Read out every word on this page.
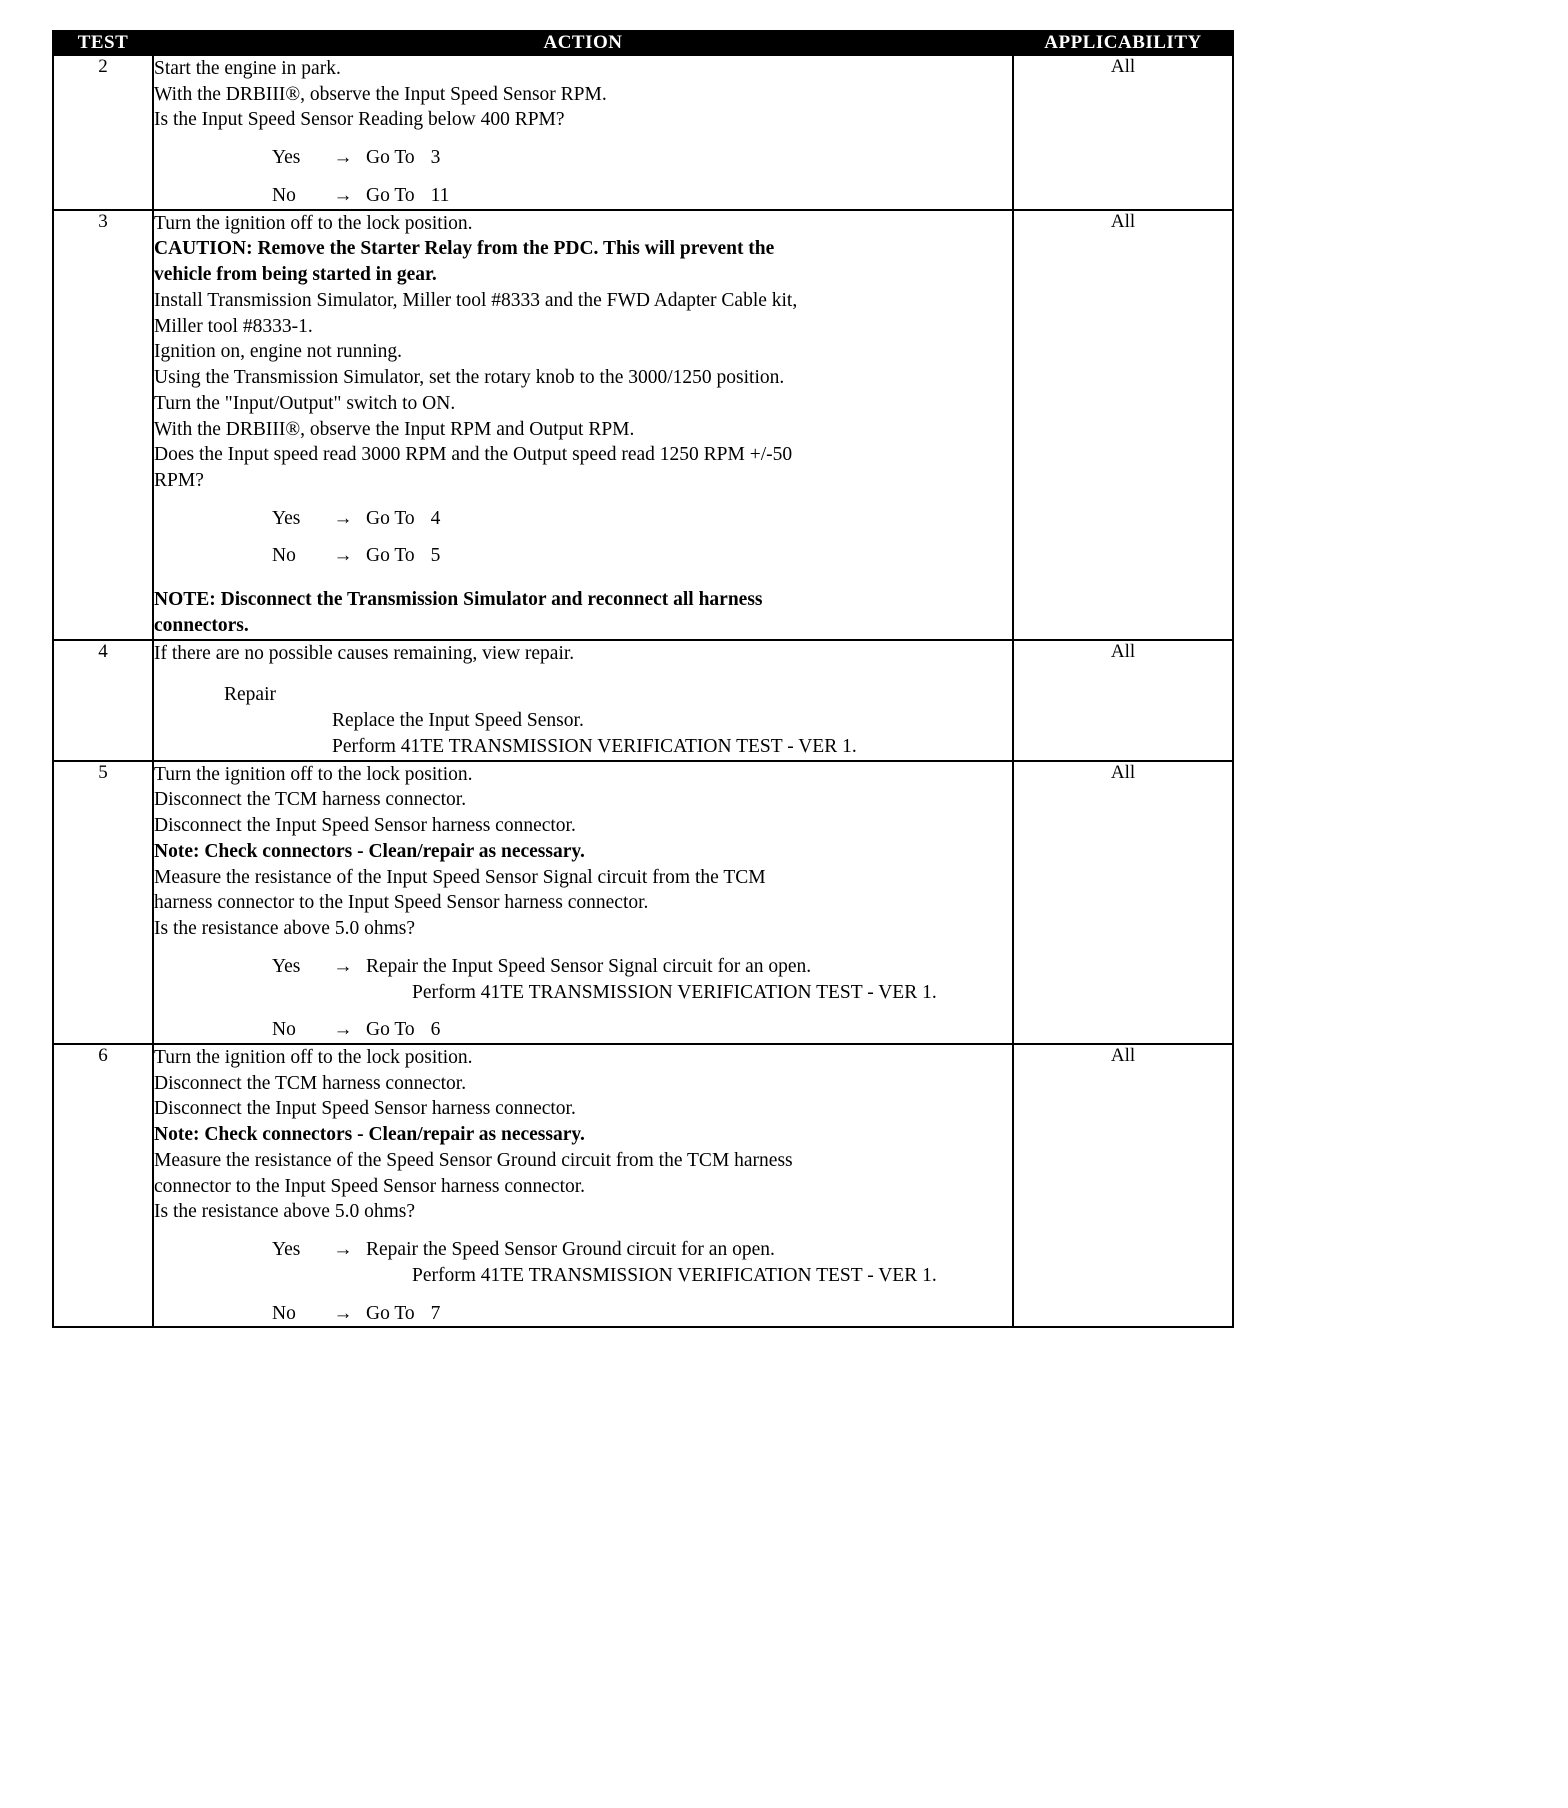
TEST	ACTION	APPLICABILITY
2	Start the engine in park.
With the DRBIII®, observe the Input Speed Sensor RPM.
Is the Input Speed Sensor Reading below 400 RPM?
Yes → Go To 3
No → Go To 11	All
3	Turn the ignition off to the lock position.
CAUTION: Remove the Starter Relay from the PDC. This will prevent the
vehicle from being started in gear.
Install Transmission Simulator, Miller tool #8333 and the FWD Adapter Cable kit,
Miller tool #8333-1.
Ignition on, engine not running.
Using the Transmission Simulator, set the rotary knob to the 3000/1250 position.
Turn the "Input/Output" switch to ON.
With the DRBIII®, observe the Input RPM and Output RPM.
Does the Input speed read 3000 RPM and the Output speed read 1250 RPM +/-50
RPM?
Yes → Go To 4
No → Go To 5
NOTE: Disconnect the Transmission Simulator and reconnect all harness
connectors.
	All
4	If there are no possible causes remaining, view repair.
Repair
Replace the Input Speed Sensor.
Perform 41TE TRANSMISSION VERIFICATION TEST - VER 1.	All
5	Turn the ignition off to the lock position.
Disconnect the TCM harness connector.
Disconnect the Input Speed Sensor harness connector.
Note: Check connectors - Clean/repair as necessary.
Measure the resistance of the Input Speed Sensor Signal circuit from the TCM
harness connector to the Input Speed Sensor harness connector.
Is the resistance above 5.0 ohms?
Yes → Repair the Input Speed Sensor Signal circuit for an open.
Perform 41TE TRANSMISSION VERIFICATION TEST - VER 1.
No → Go To 6
	All
6	Turn the ignition off to the lock position.
Disconnect the TCM harness connector.
Disconnect the Input Speed Sensor harness connector.
Note: Check connectors - Clean/repair as necessary.
Measure the resistance of the Speed Sensor Ground circuit from the TCM harness
connector to the Input Speed Sensor harness connector.
Is the resistance above 5.0 ohms?
Yes → Repair the Speed Sensor Ground circuit for an open.
Perform 41TE TRANSMISSION VERIFICATION TEST - VER 1.
No → Go To 7
	All
